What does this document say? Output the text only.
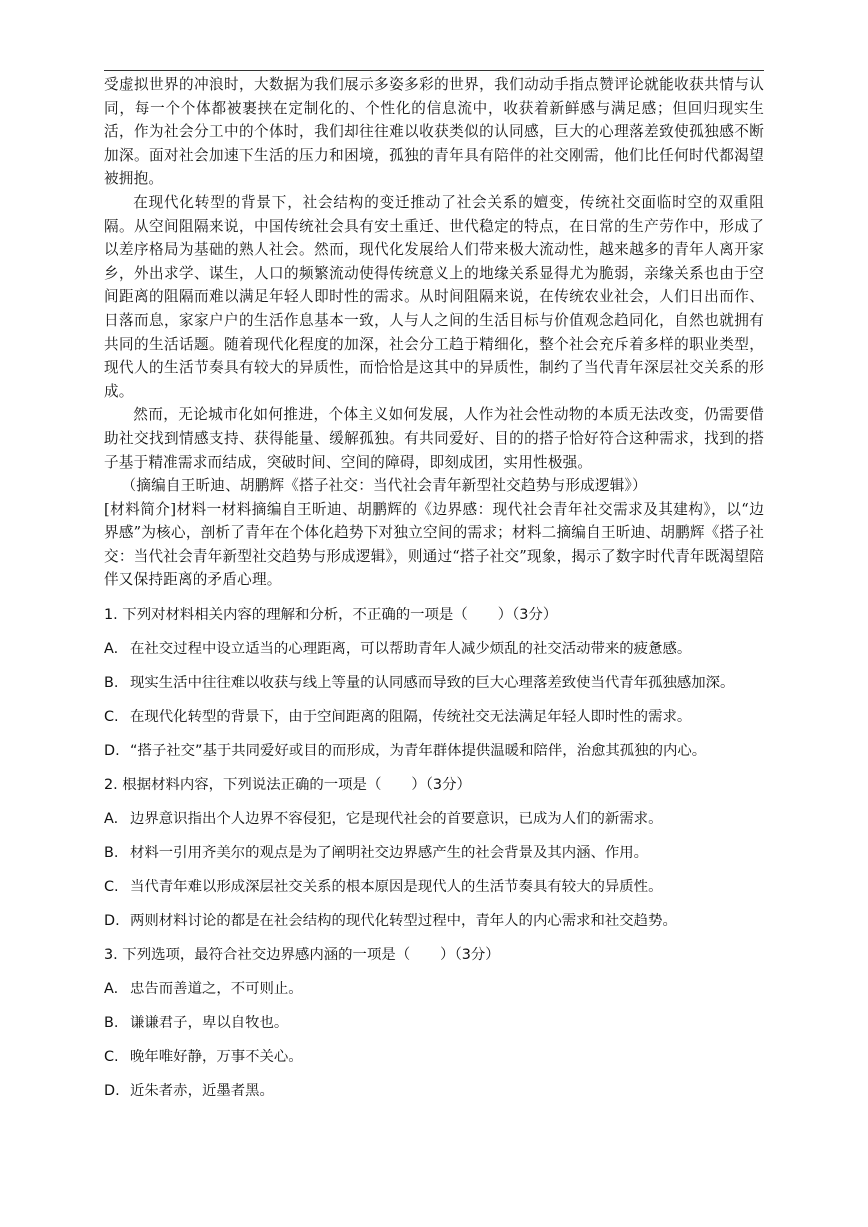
受虚拟世界的冲浪时，大数据为我们展示多姿多彩的世界，我们动动手指点赞评论就能收获共情与认同，每一个个体都被裹挟在定制化的、个性化的信息流中，收获着新鲜感与满足感；但回归现实生活，作为社会分工中的个体时，我们却往往难以收获类似的认同感，巨大的心理落差致使孤独感不断加深。面对社会加速下生活的压力和困境，孤独的青年具有陪伴的社交刚需，他们比任何时代都渴望被拥抱。

在现代化转型的背景下，社会结构的变迁推动了社会关系的嬗变，传统社交面临时空的双重阻隔。从空间阻隔来说，中国传统社会具有安土重迁、世代稳定的特点，在日常的生产劳作中，形成了以差序格局为基础的熟人社会。然而，现代化发展给人们带来极大流动性，越来越多的青年人离开家乡，外出求学、谋生，人口的频繁流动使得传统意义上的地缘关系显得尤为脆弱，亲缘关系也由于空间距离的阻隔而难以满足年轻人即时性的需求。从时间阻隔来说，在传统农业社会，人们日出而作、日落而息，家家户户的生活作息基本一致，人与人之间的生活目标与价值观念趋同化，自然也就拥有共同的生活话题。随着现代化程度的加深，社会分工趋于精细化，整个社会充斥着多样的职业类型，现代人的生活节奏具有较大的异质性，而恰恰是这其中的异质性，制约了当代青年深层社交关系的形成。

然而，无论城市化如何推进，个体主义如何发展，人作为社会性动物的本质无法改变，仍需要借助社交找到情感支持、获得能量、缓解孤独。有共同爱好、目的的搭子恰好符合这种需求，找到的搭子基于精准需求而结成，突破时间、空间的障碍，即刻成团，实用性极强。

（摘编自王昕迪、胡鹏辉《搭子社交：当代社会青年新型社交趋势与形成逻辑》）

[材料简介]材料一材料摘编自王昕迪、胡鹏辉的《边界感：现代社会青年社交需求及其建构》，以“边界感”为核心，剖析了青年在个体化趋势下对独立空间的需求；材料二摘编自王昕迪、胡鹏辉《搭子社交：当代社会青年新型社交趋势与形成逻辑》，则通过“搭子社交”现象，揭示了数字时代青年既渴望陪伴又保持距离的矛盾心理。

1. 下列对材料相关内容的理解和分析，不正确的一项是（ ）（3分）

A. 在社交过程中设立适当的心理距离，可以帮助青年人减少烦乱的社交活动带来的疲惫感。

B. 现实生活中往往难以收获与线上等量的认同感而导致的巨大心理落差致使当代青年孤独感加深。

C. 在现代化转型的背景下，由于空间距离的阻隔，传统社交无法满足年轻人即时性的需求。

D. “搭子社交”基于共同爱好或目的而形成，为青年群体提供温暖和陪伴，治愈其孤独的内心。

2. 根据材料内容，下列说法正确的一项是（ ）（3分）

A. 边界意识指出个人边界不容侵犯，它是现代社会的首要意识，已成为人们的新需求。

B. 材料一引用齐美尔的观点是为了阐明社交边界感产生的社会背景及其内涵、作用。

C. 当代青年难以形成深层社交关系的根本原因是现代人的生活节奏具有较大的异质性。

D. 两则材料讨论的都是在社会结构的现代化转型过程中，青年人的内心需求和社交趋势。

3. 下列选项，最符合社交边界感内涵的一项是（ ）（3分）

A. 忠告而善道之，不可则止。

B. 谦谦君子，卑以自牧也。

C. 晚年唯好静，万事不关心。

D. 近朱者赤，近墨者黑。
